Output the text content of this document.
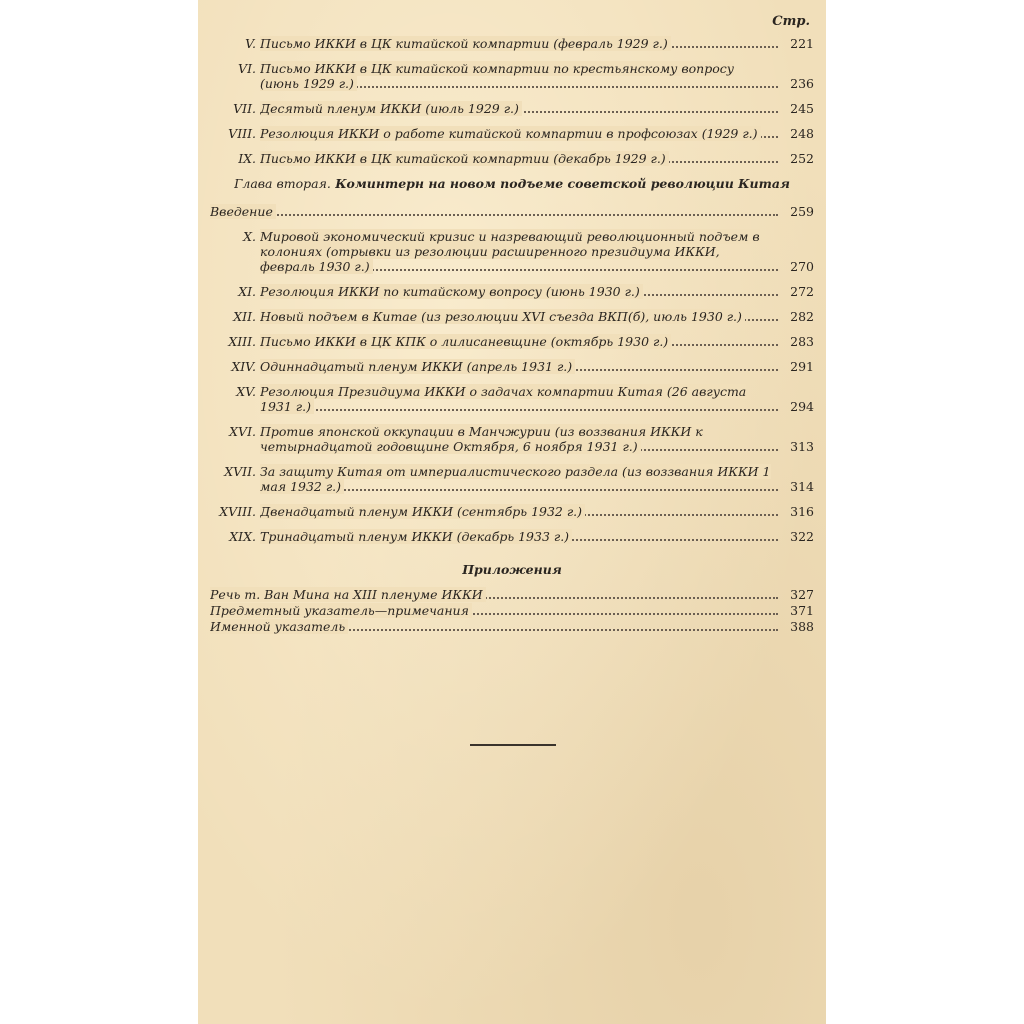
Стр.
V. Письмо ИККИ в ЦК китайской компартии (февраль 1929 г.)	221
VI. Письмо ИККИ в ЦК китайской компартии по крестьянскому вопросу (июнь 1929 г.)	236
VII. Десятый пленум ИККИ (июль 1929 г.)	245
VIII. Резолюция ИККИ о работе китайской компартии в профсоюзах (1929 г.)	248
IX. Письмо ИККИ в ЦК китайской компартии (декабрь 1929 г.)	252
Глава вторая. Коминтерн на новом подъеме советской революции Китая
Введение	259
X. Мировой экономический кризис и назревающий революционный подъем в колониях (отрывки из резолюции расширенного президиума ИККИ, февраль 1930 г.)	270
XI. Резолюция ИККИ по китайскому вопросу (июнь 1930 г.)	272
XII. Новый подъем в Китае (из резолюции XVI съезда ВКП(б), июль 1930 г.)	282
XIII. Письмо ИККИ в ЦК КПК о лилисаневщине (октябрь 1930 г.)	283
XIV. Одиннадцатый пленум ИККИ (апрель 1931 г.)	291
XV. Резолюция Президиума ИККИ о задачах компартии Китая (26 августа 1931 г.)	294
XVI. Против японской оккупации в Манчжурии (из воззвания ИККИ к четырнадцатой годовщине Октября, 6 ноября 1931 г.)	313
XVII. За защиту Китая от империалистического раздела (из воззвания ИККИ 1 мая 1932 г.)	314
XVIII. Двенадцатый пленум ИККИ (сентябрь 1932 г.)	316
XIX. Тринадцатый пленум ИККИ (декабрь 1933 г.)	322
Приложения
Речь т. Ван Мина на XIII пленуме ИККИ	327
Предметный указатель—примечания	371
Именной указатель	388
